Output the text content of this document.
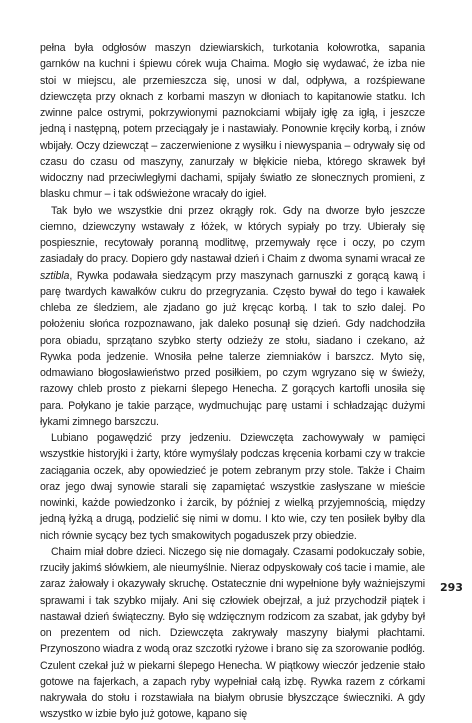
pełna była odgłosów maszyn dziewiarskich, turkotania kołowrotka, sapania garnków na kuchni i śpiewu córek wuja Chaima. Mogło się wydawać, że izba nie stoi w miejscu, ale przemieszcza się, unosi w dal, odpływa, a rozśpiewane dziewczęta przy oknach z korbami maszyn w dłoniach to kapitanowie statku. Ich zwinne palce ostrymi, pokrzywionymi paznokciami wbijały igłę za igłą, i jeszcze jedną i następną, potem przeciągały je i nastawiały. Ponownie kręciły korbą, i znów wbijały. Oczy dziewcząt – zaczerwienione z wysiłku i niewyspania – odrywały się od czasu do czasu od maszyny, zanurzały w błękicie nieba, którego skrawek był widoczny nad przeciwległymi dachami, spijały światło ze słonecznych promieni, z blasku chmur – i tak odświeżone wracały do igieł.

Tak było we wszystkie dni przez okrągły rok. Gdy na dworze było jeszcze ciemno, dziewczyny wstawały z łóżek, w których sypiały po trzy. Ubierały się pospiesznie, recytowały poranną modlitwę, przemywały ręce i oczy, po czym zasiadały do pracy. Dopiero gdy nastawał dzień i Chaim z dwoma synami wracał ze sztibla, Rywka podawała siedzącym przy maszynach garnuszki z gorącą kawą i parę twardych kawałków cukru do przegryzania. Często bywał do tego i kawałek chleba ze śledziem, ale zjadano go już kręcąc korbą. I tak to szło dalej. Po położeniu słońca rozpoznawano, jak daleko posunął się dzień. Gdy nadchodziła pora obiadu, sprzątano szybko sterty odzieży ze stołu, siadano i czekano, aż Rywka poda jedzenie. Wnosiła pełne talerze ziemniaków i barszcz. Myto się, odmawiano błogosławieństwo przed posiłkiem, po czym wgryzano się w świeży, razowy chleb prosto z piekarni ślepego Henecha. Z gorących kartofli unosiła się para. Połykano je takie parzące, wydmuchując parę ustami i schładzając dużymi łykami zimnego barszczu.

Lubiano pogawędzić przy jedzeniu. Dziewczęta zachowywały w pamięci wszystkie historyjki i żarty, które wymyślały podczas kręcenia korbami czy w trakcie zaciągania oczek, aby opowiedzieć je potem zebranym przy stole. Także i Chaim oraz jego dwaj synowie starali się zapamiętać wszystkie zasłyszane w mieście nowinki, każde powiedzonko i żarcik, by później z wielką przyjemnością, między jedną łyżką a drugą, podzielić się nimi w domu. I kto wie, czy ten posiłek byłby dla nich równie sycący bez tych smakowitych pogaduszek przy obiedzie.

Chaim miał dobre dzieci. Niczego się nie domagały. Czasami podokuczały sobie, rzuciły jakimś słówkiem, ale nieumyślnie. Nieraz odpyskowały coś tacie i mamie, ale zaraz żałowały i okazywały skruchę. Ostatecznie dni wypełnione były ważniejszymi sprawami i tak szybko mijały. Ani się człowiek obejrzał, a już przychodził piątek i nastawał dzień świąteczny. Było się wdzięcznym rodzicom za szabat, jak gdyby był on prezentem od nich. Dziewczęta zakrywały maszyny białymi płachtami. Przynoszono wiadra z wodą oraz szczotki ryżowe i brano się za szorowanie podłóg. Czulent czekał już w piekarni ślepego Henecha. W piątkowy wieczór jedzenie stało gotowe na fajerkach, a zapach ryby wypełniał całą izbę. Rywka razem z córkami nakrywała do stołu i rozstawiała na białym obrusie błyszczące świeczniki. A gdy wszystko w izbie było już gotowe, kąpano się

293
